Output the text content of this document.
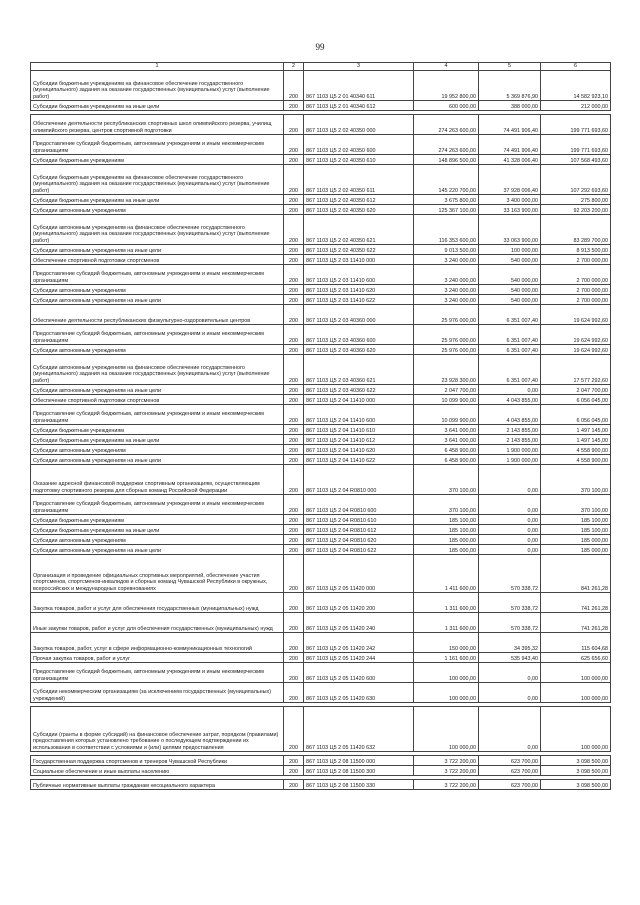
99
1	2	3	4	5	6
Субсидии бюджетным учреждениям на финансовое обеспечение государственного (муниципального) задания на оказание государственных (муниципальных) услуг (выполнение работ)	200	867 1103 Ц5 2 01 40340 611	19 952 800,00	5 369 876,90	14 582 923,10
Субсидии бюджетным учреждениям на иные цели	200	867 1103 Ц5 2 01 40340 612	600 000,00	388 000,00	212 000,00

Обеспечение деятельности республиканских спортивных школ олимпийского резерва, училищ олимпийского резерва, центров спортивной подготовки	200	867 1103 Ц5 2 02 40350 000	274 263 600,00	74 491 906,40	199 771 693,60
Предоставление субсидий бюджетным, автономным учреждениям и иным некоммерческим организациям	200	867 1103 Ц5 2 02 40350 600	274 263 600,00	74 491 906,40	199 771 693,60
Субсидии бюджетным учреждениям	200	867 1103 Ц5 2 02 40350 610	148 896 500,00	41 328 006,40	107 568 493,60
Субсидии бюджетным учреждениям на финансовое обеспечение государственного (муниципального) задания на оказание государственных (муниципальных) услуг (выполнение работ)	200	867 1103 Ц5 2 02 40350 611	145 220 700,00	37 928 006,40	107 292 693,60
Субсидии бюджетным учреждениям на иные цели	200	867 1103 Ц5 2 02 40350 612	3 675 800,00	3 400 000,00	275 800,00
Субсидии автономным учреждениям	200	867 1103 Ц5 2 02 40350 620	125 367 100,00	33 163 900,00	92 203 200,00
Субсидии автономным учреждениям на финансовое обеспечение государственного (муниципального) задания на оказание государственных (муниципальных) услуг (выполнение работ)	200	867 1103 Ц5 2 02 40350 621	116 353 600,00	33 063 900,00	83 289 700,00
Субсидии автономным учреждениям на иные цели	200	867 1103 Ц5 2 02 40350 622	9 013 500,00	100 000,00	8 913 500,00
Обеспечение спортивной подготовки спортсменов	200	867 1103 Ц5 2 03 11410 000	3 240 000,00	540 000,00	2 700 000,00
Предоставление субсидий бюджетным, автономным учреждениям и иным некоммерческим организациям	200	867 1103 Ц5 2 03 11410 600	3 240 000,00	540 000,00	2 700 000,00
Субсидии автономным учреждениям	200	867 1103 Ц5 2 03 11410 620	3 240 000,00	540 000,00	2 700 000,00
Субсидии автономным учреждениям на иные цели	200	867 1103 Ц5 2 03 11410 622	3 240 000,00	540 000,00	2 700 000,00
Обеспечение деятельности республиканских физкультурно-оздоровительных центров	200	867 1103 Ц5 2 03 40360 000	25 976 000,00	6 351 007,40	19 624 992,60
Предоставление субсидий бюджетным, автономным учреждениям и иным некоммерческим организациям	200	867 1103 Ц5 2 03 40360 600	25 976 000,00	6 351 007,40	19 624 992,60
Субсидии автономным учреждениям	200	867 1103 Ц5 2 03 40360 620	25 976 000,00	6 351 007,40	19 624 992,60
Субсидии автономным учреждениям на финансовое обеспечение государственного (муниципального) задания на оказание государственных (муниципальных) услуг (выполнение работ)	200	867 1103 Ц5 2 03 40360 621	23 928 300,00	6 351 007,40	17 577 292,60
Субсидии автономным учреждениям на иные цели	200	867 1103 Ц5 2 03 40360 622	2 047 700,00	0,00	2 047 700,00
Обеспечение спортивной подготовки спортсменов	200	867 1103 Ц5 2 04 11410 000	10 099 900,00	4 043 855,00	6 056 045,00
Предоставление субсидий бюджетным, автономным учреждениям и иным некоммерческим организациям	200	867 1103 Ц5 2 04 11410 600	10 099 900,00	4 043 855,00	6 056 045,00
Субсидии бюджетным учреждениям	200	867 1103 Ц5 2 04 11410 610	3 641 000,00	2 143 855,00	1 497 145,00
Субсидии бюджетным учреждениям на иные цели	200	867 1103 Ц5 2 04 11410 612	3 641 000,00	2 143 855,00	1 497 145,00
Субсидии автономным учреждениям	200	867 1103 Ц5 2 04 11410 620	6 458 900,00	1 900 000,00	4 558 900,00
Субсидии автономным учреждениям на иные цели	200	867 1103 Ц5 2 04 11410 622	6 458 900,00	1 900 000,00	4 558 900,00
Оказание адресной финансовой поддержки спортивным организациям, осуществляющим подготовку спортивного резерва для сборных команд Российской Федерации	200	867 1103 Ц5 2 04 R0810 000	370 100,00	0,00	370 100,00
Предоставление субсидий бюджетным, автономным учреждениям и иным некоммерческим организациям	200	867 1103 Ц5 2 04 R0810 600	370 100,00	0,00	370 100,00
Субсидии бюджетным учреждениям	200	867 1103 Ц5 2 04 R0810 610	185 100,00	0,00	185 100,00
Субсидии бюджетным учреждениям на иные цели	200	867 1103 Ц5 2 04 R0810 612	185 100,00	0,00	185 100,00
Субсидии автономным учреждениям	200	867 1103 Ц5 2 04 R0810 620	185 000,00	0,00	185 000,00
Субсидии автономным учреждениям на иные цели	200	867 1103 Ц5 2 04 R0810 622	185 000,00	0,00	185 000,00
Организация и проведение официальных спортивных мероприятий, обеспечение участия спортсменов, спортсменов-инвалидов и сборных команд Чувашской Республики в окружных, всероссийских и международных соревнованиях	200	867 1103 Ц5 2 05 11420 000	1 411 600,00	570 338,72	841 261,28
Закупка товаров, работ и услуг для обеспечения государственных (муниципальных) нужд	200	867 1103 Ц5 2 05 11420 200	1 311 600,00	570 338,72	741 261,28
Иные закупки товаров, работ и услуг для обеспечения государственных (муниципальных) нужд	200	867 1103 Ц5 2 05 11420 240	1 311 600,00	570 338,72	741 261,28
Закупка товаров, работ, услуг в сфере информационно-коммуникационных технологий	200	867 1103 Ц5 2 05 11420 242	150 000,00	34 395,32	115 604,68
Прочая закупка товаров, работ и услуг	200	867 1103 Ц5 2 05 11420 244	1 161 600,00	535 943,40	625 656,60
Предоставление субсидий бюджетным, автономным учреждениям и иным некоммерческим организациям	200	867 1103 Ц5 2 05 11420 600	100 000,00	0,00	100 000,00
Субсидии некоммерческим организациям (за исключением государственных (муниципальных) учреждений)	200	867 1103 Ц5 2 05 11420 630	100 000,00	0,00	100 000,00

Субсидии (гранты в форме субсидий) на финансовое обеспечение затрат, порядком (правилами) предоставления которых установлено требование о последующем подтверждении их использования в соответствии с условиями и (или) целями предоставления	200	867 1103 Ц5 2 05 11420 632	100 000,00	0,00	100 000,00

Государственная поддержка спортсменов и тренеров Чувашской Республики	200	867 1103 Ц5 2 08 11500 000	3 722 200,00	623 700,00	3 098 500,00
Социальное обеспечение и иные выплаты населению	200	867 1103 Ц5 2 08 11500 300	3 722 200,00	623 700,00	3 098 500,00

Публичные нормативные выплаты гражданам несоциального характера	200	867 1103 Ц5 2 08 11500 330	3 722 200,00	623 700,00	3 098 500,00
